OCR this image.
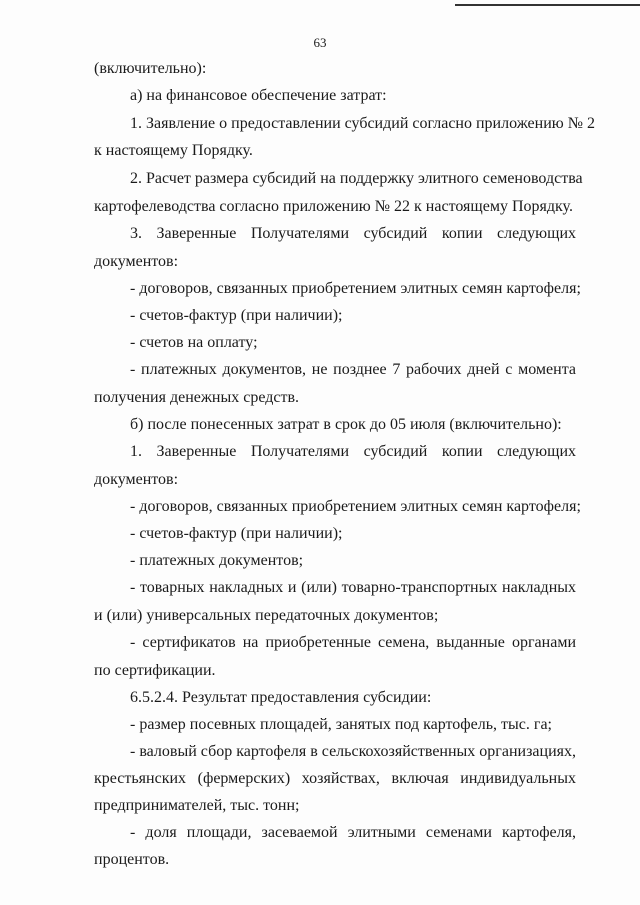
63
(включительно):
а) на финансовое обеспечение затрат:
1. Заявление о предоставлении субсидий согласно приложению № 2
к настоящему Порядку.
2. Расчет размера субсидий на поддержку элитного семеноводства
картофелеводства согласно приложению № 22 к настоящему Порядку.
3. Заверенные Получателями субсидий копии следующих
документов:
- договоров, связанных приобретением элитных семян картофеля;
- счетов-фактур (при наличии);
- счетов на оплату;
- платежных документов, не позднее 7 рабочих дней с момента
получения денежных средств.
б) после понесенных затрат в срок до 05 июля (включительно):
1. Заверенные Получателями субсидий копии следующих
документов:
- договоров, связанных приобретением элитных семян картофеля;
- счетов-фактур (при наличии);
- платежных документов;
- товарных накладных и (или) товарно-транспортных накладных
и (или) универсальных передаточных документов;
- сертификатов на приобретенные семена, выданные органами
по сертификации.
6.5.2.4. Результат предоставления субсидии:
- размер посевных площадей, занятых под картофель, тыс. га;
- валовый сбор картофеля в сельскохозяйственных организациях,
крестьянских (фермерских) хозяйствах, включая индивидуальных
предпринимателей, тыс. тонн;
- доля площади, засеваемой элитными семенами картофеля,
процентов.
